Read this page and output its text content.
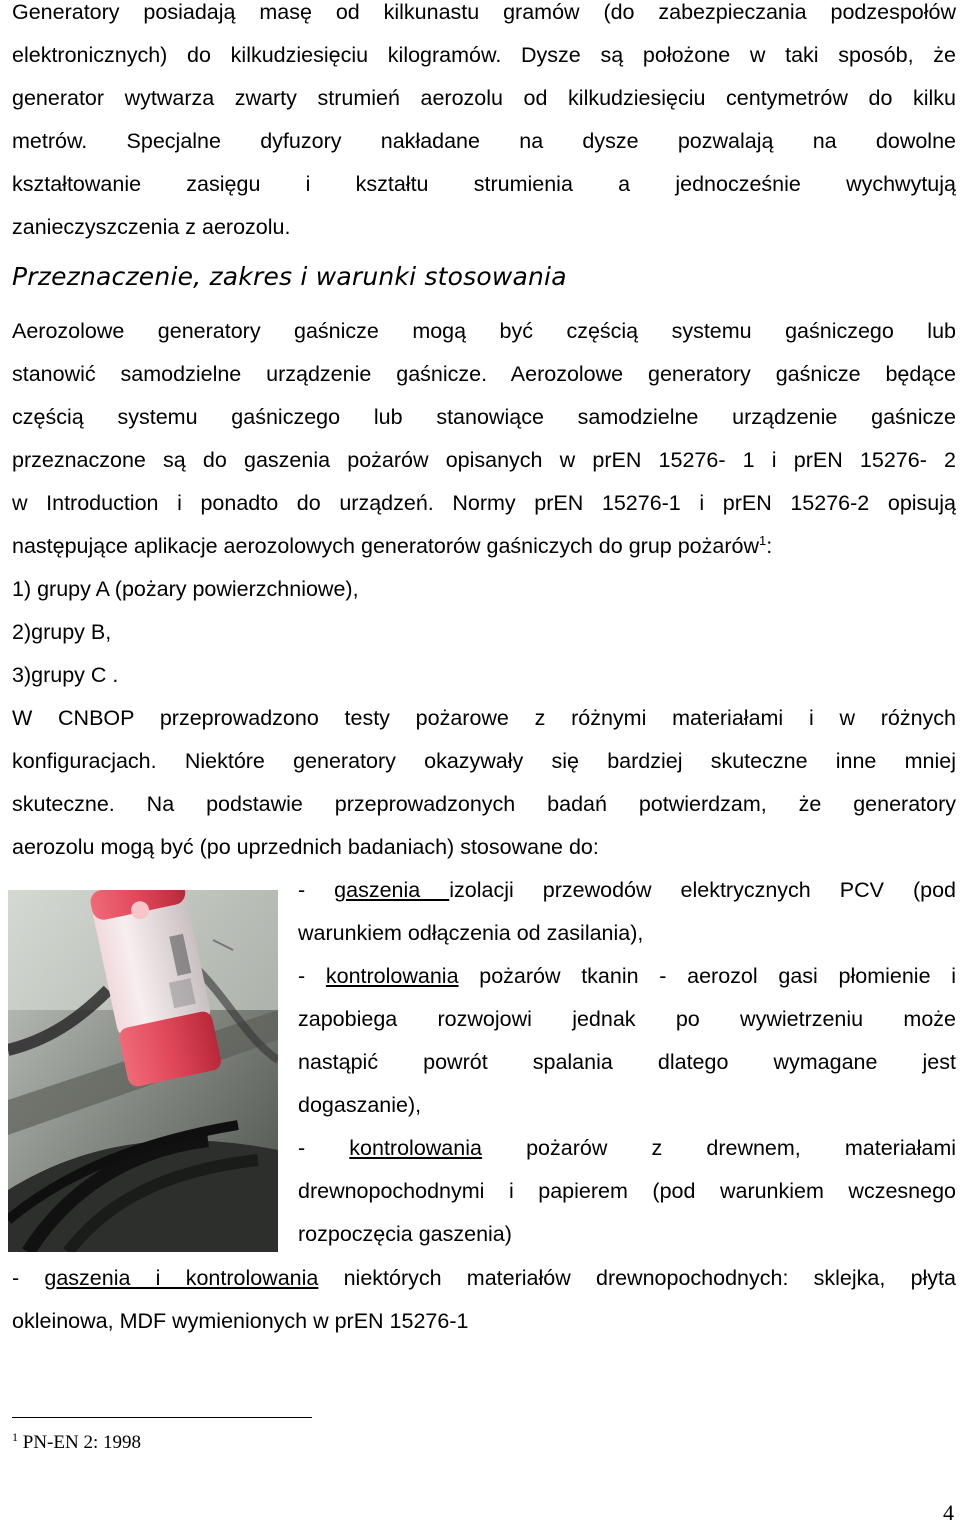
Generatory posiadają masę od kilkunastu gramów (do zabezpieczania podzespołów
elektronicznych) do kilkudziesięciu kilogramów. Dysze są położone w taki sposób, że
generator wytwarza zwarty strumień aerozolu od kilkudziesięciu centymetrów do kilku
metrów. Specjalne dyfuzory nakładane na dysze pozwalają na dowolne
kształtowanie zasięgu i kształtu strumienia a jednocześnie wychwytują
zanieczyszczenia z aerozolu.
Przeznaczenie, zakres i warunki stosowania
Aerozolowe generatory gaśnicze mogą być częścią systemu gaśniczego lub
stanowić samodzielne urządzenie gaśnicze. Aerozolowe generatory gaśnicze będące
częścią systemu gaśniczego lub stanowiące samodzielne urządzenie gaśnicze
przeznaczone są do gaszenia pożarów opisanych w prEN 15276- 1 i prEN 15276- 2
w Introduction i ponadto do urządzeń. Normy prEN 15276-1 i prEN 15276-2 opisują
następujące aplikacje aerozolowych generatorów gaśniczych do grup pożarów$^1$:
1) grupy A (pożary powierzchniowe),
2)grupy B,
3)grupy C .
W CNBOP przeprowadzono testy pożarowe z różnymi materiałami i w różnych
konfiguracjach. Niektóre generatory okazywały się bardziej skuteczne inne mniej
skuteczne. Na podstawie przeprowadzonych badań potwierdzam, że generatory
aerozolu mogą być (po uprzednich badaniach) stosowane do:
- gaszenia i kontrolowania niektórych materiałów drewnopochodnych: sklejka, płyta
okleinowa, MDF wymienionych w prEN 15276-1
- gaszenia izolacji przewodów elektrycznych PCV (pod
warunkiem odłączenia od zasilania),
- kontrolowania pożarów tkanin - aerozol gasi płomienie i
zapobiega rozwojowi jednak po wywietrzeniu może
nastąpić powrót spalania dlatego wymagane jest
dogaszanie),
- kontrolowania pożarów z drewnem, materiałami
drewnopochodnymi i papierem (pod warunkiem wczesnego
rozpoczęcia gaszenia)
$^1$ PN-EN 2: 1998
4
